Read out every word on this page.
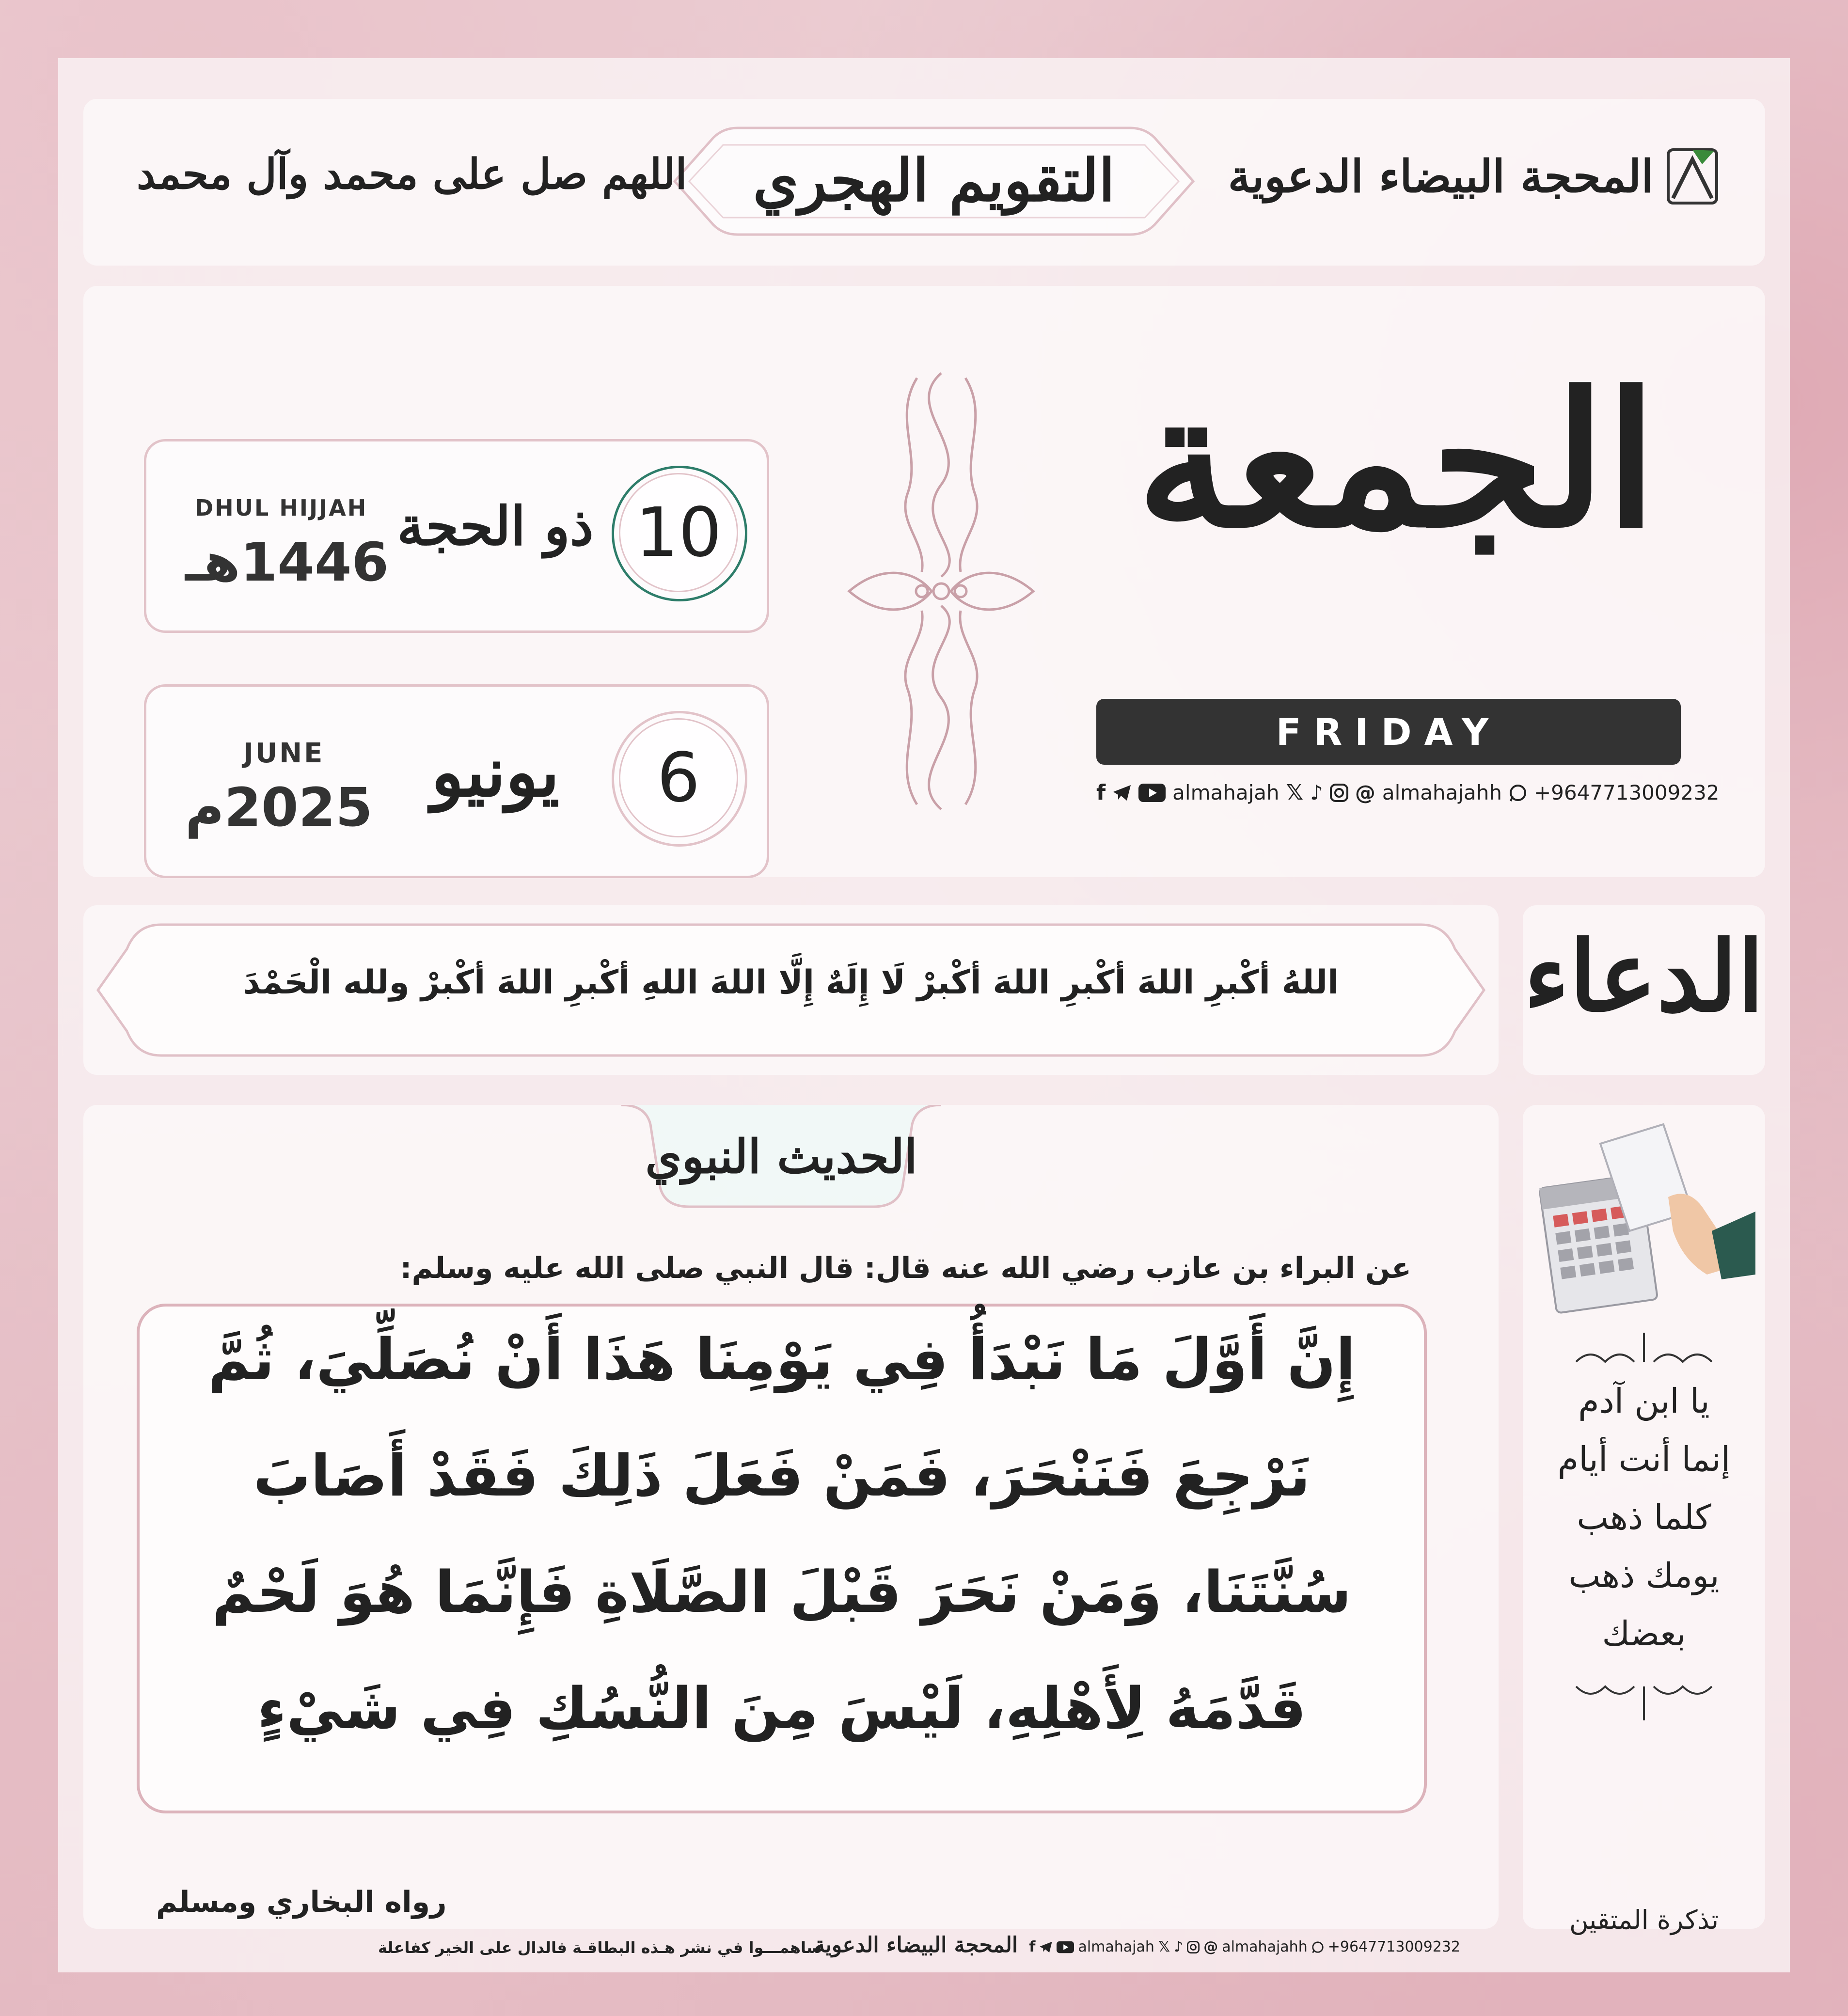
المحجة البيضاء الدعوية
التقويم الهجري
اللهم صل على محمد وآل محمد
الجمعة
FRIDAY
f	almahajah 𝕏 ♪ @ almahajahh +9647713009232
10
ذو الحجة
DHUL HIJJAH
1446هـ
6
يونيو
JUNE
2025م
الدعاء
اللهُ أكْبرِ اللهَ أكْبرِ اللهَ أكْبرْ لَا إِلَهٌ إِلَّا اللهَ اللهِ أكْبرِ اللهَ أكْبرْ ولله الْحَمْدَ
الحديث النبوي
عن البراء بن عازب رضي الله عنه قال: قال النبي صلى الله عليه وسلم:
إِنَّ أَوَّلَ مَا نَبْدَأُ فِي يَوْمِنَا هَذَا أَنْ نُصَلِّيَ، ثُمَّ
نَرْجِعَ فَنَنْحَرَ، فَمَنْ فَعَلَ ذَلِكَ فَقَدْ أَصَابَ
سُنَّتَنَا، وَمَنْ نَحَرَ قَبْلَ الصَّلَاةِ فَإِنَّمَا هُوَ لَحْمٌ
قَدَّمَهُ لِأَهْلِهِ، لَيْسَ مِنَ النُّسُكِ فِي شَيْءٍ
رواه البخاري ومسلم
يا ابن آدم
إنما أنت أيام
كلما ذهب
يومك ذهب
بعضك
تذكرة المتقين
f	almahajah 𝕏 ♪ @ almahajahh +9647713009232
المحجة البيضاء الدعوية
ساهمـــوا في نشر هـذه البطاقـة فالدال على الخير كفاعلة
